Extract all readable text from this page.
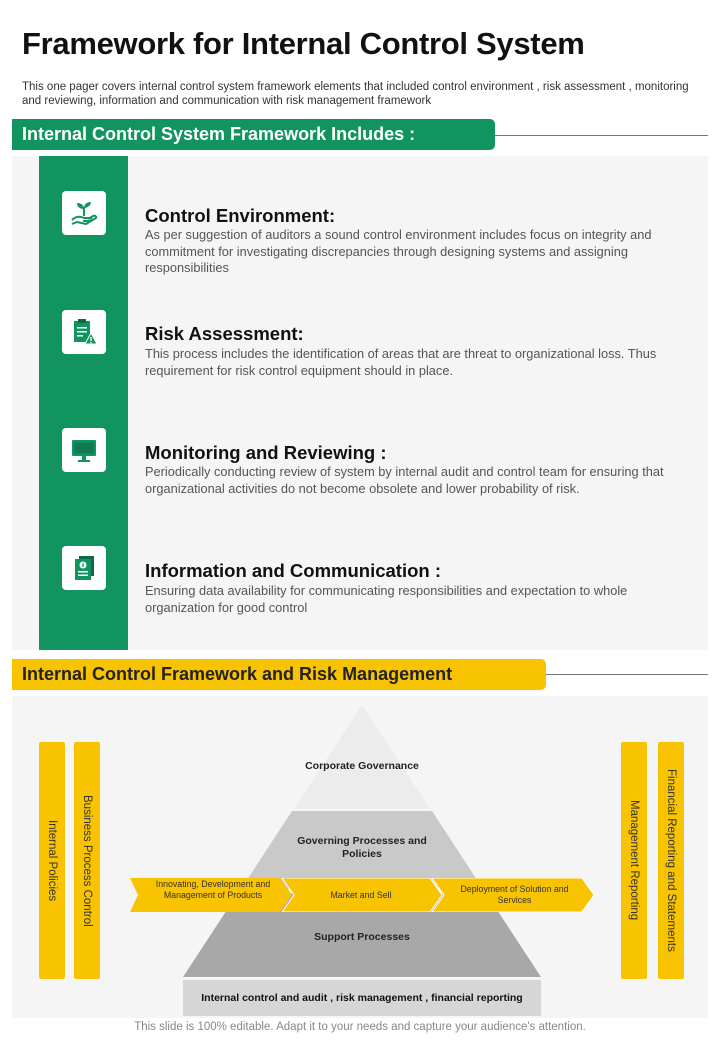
Framework for Internal Control System
This one pager covers internal control system framework elements that included control environment , risk assessment , monitoring and reviewing, information and communication with risk management framework
Internal Control System Framework Includes :
Control Environment:
As per suggestion of auditors a sound control environment includes focus on integrity and commitment for investigating discrepancies through designing systems and assigning responsibilities
Risk Assessment:
This process includes the identification of areas that are threat to organizational loss. Thus requirement for risk control equipment should in place.
Monitoring and Reviewing :
Periodically conducting review of system by internal audit and control team for ensuring that organizational activities do not become obsolete and lower probability of risk.
Information and Communication :
Ensuring data availability for communicating responsibilities and expectation to whole organization for good control
Internal Control Framework and Risk Management
Internal Policies Business Process Control	Management Reporting Financial Reporting and Statements
Corporate Governance
Governing Processes and Policies
Support Processes
Innovating, Development and Management of Products	Market and Sell
Deployment of Solution and Services
Internal control and audit , risk management , financial reporting
This slide is 100% editable. Adapt it to your needs and capture your audience's attention.
